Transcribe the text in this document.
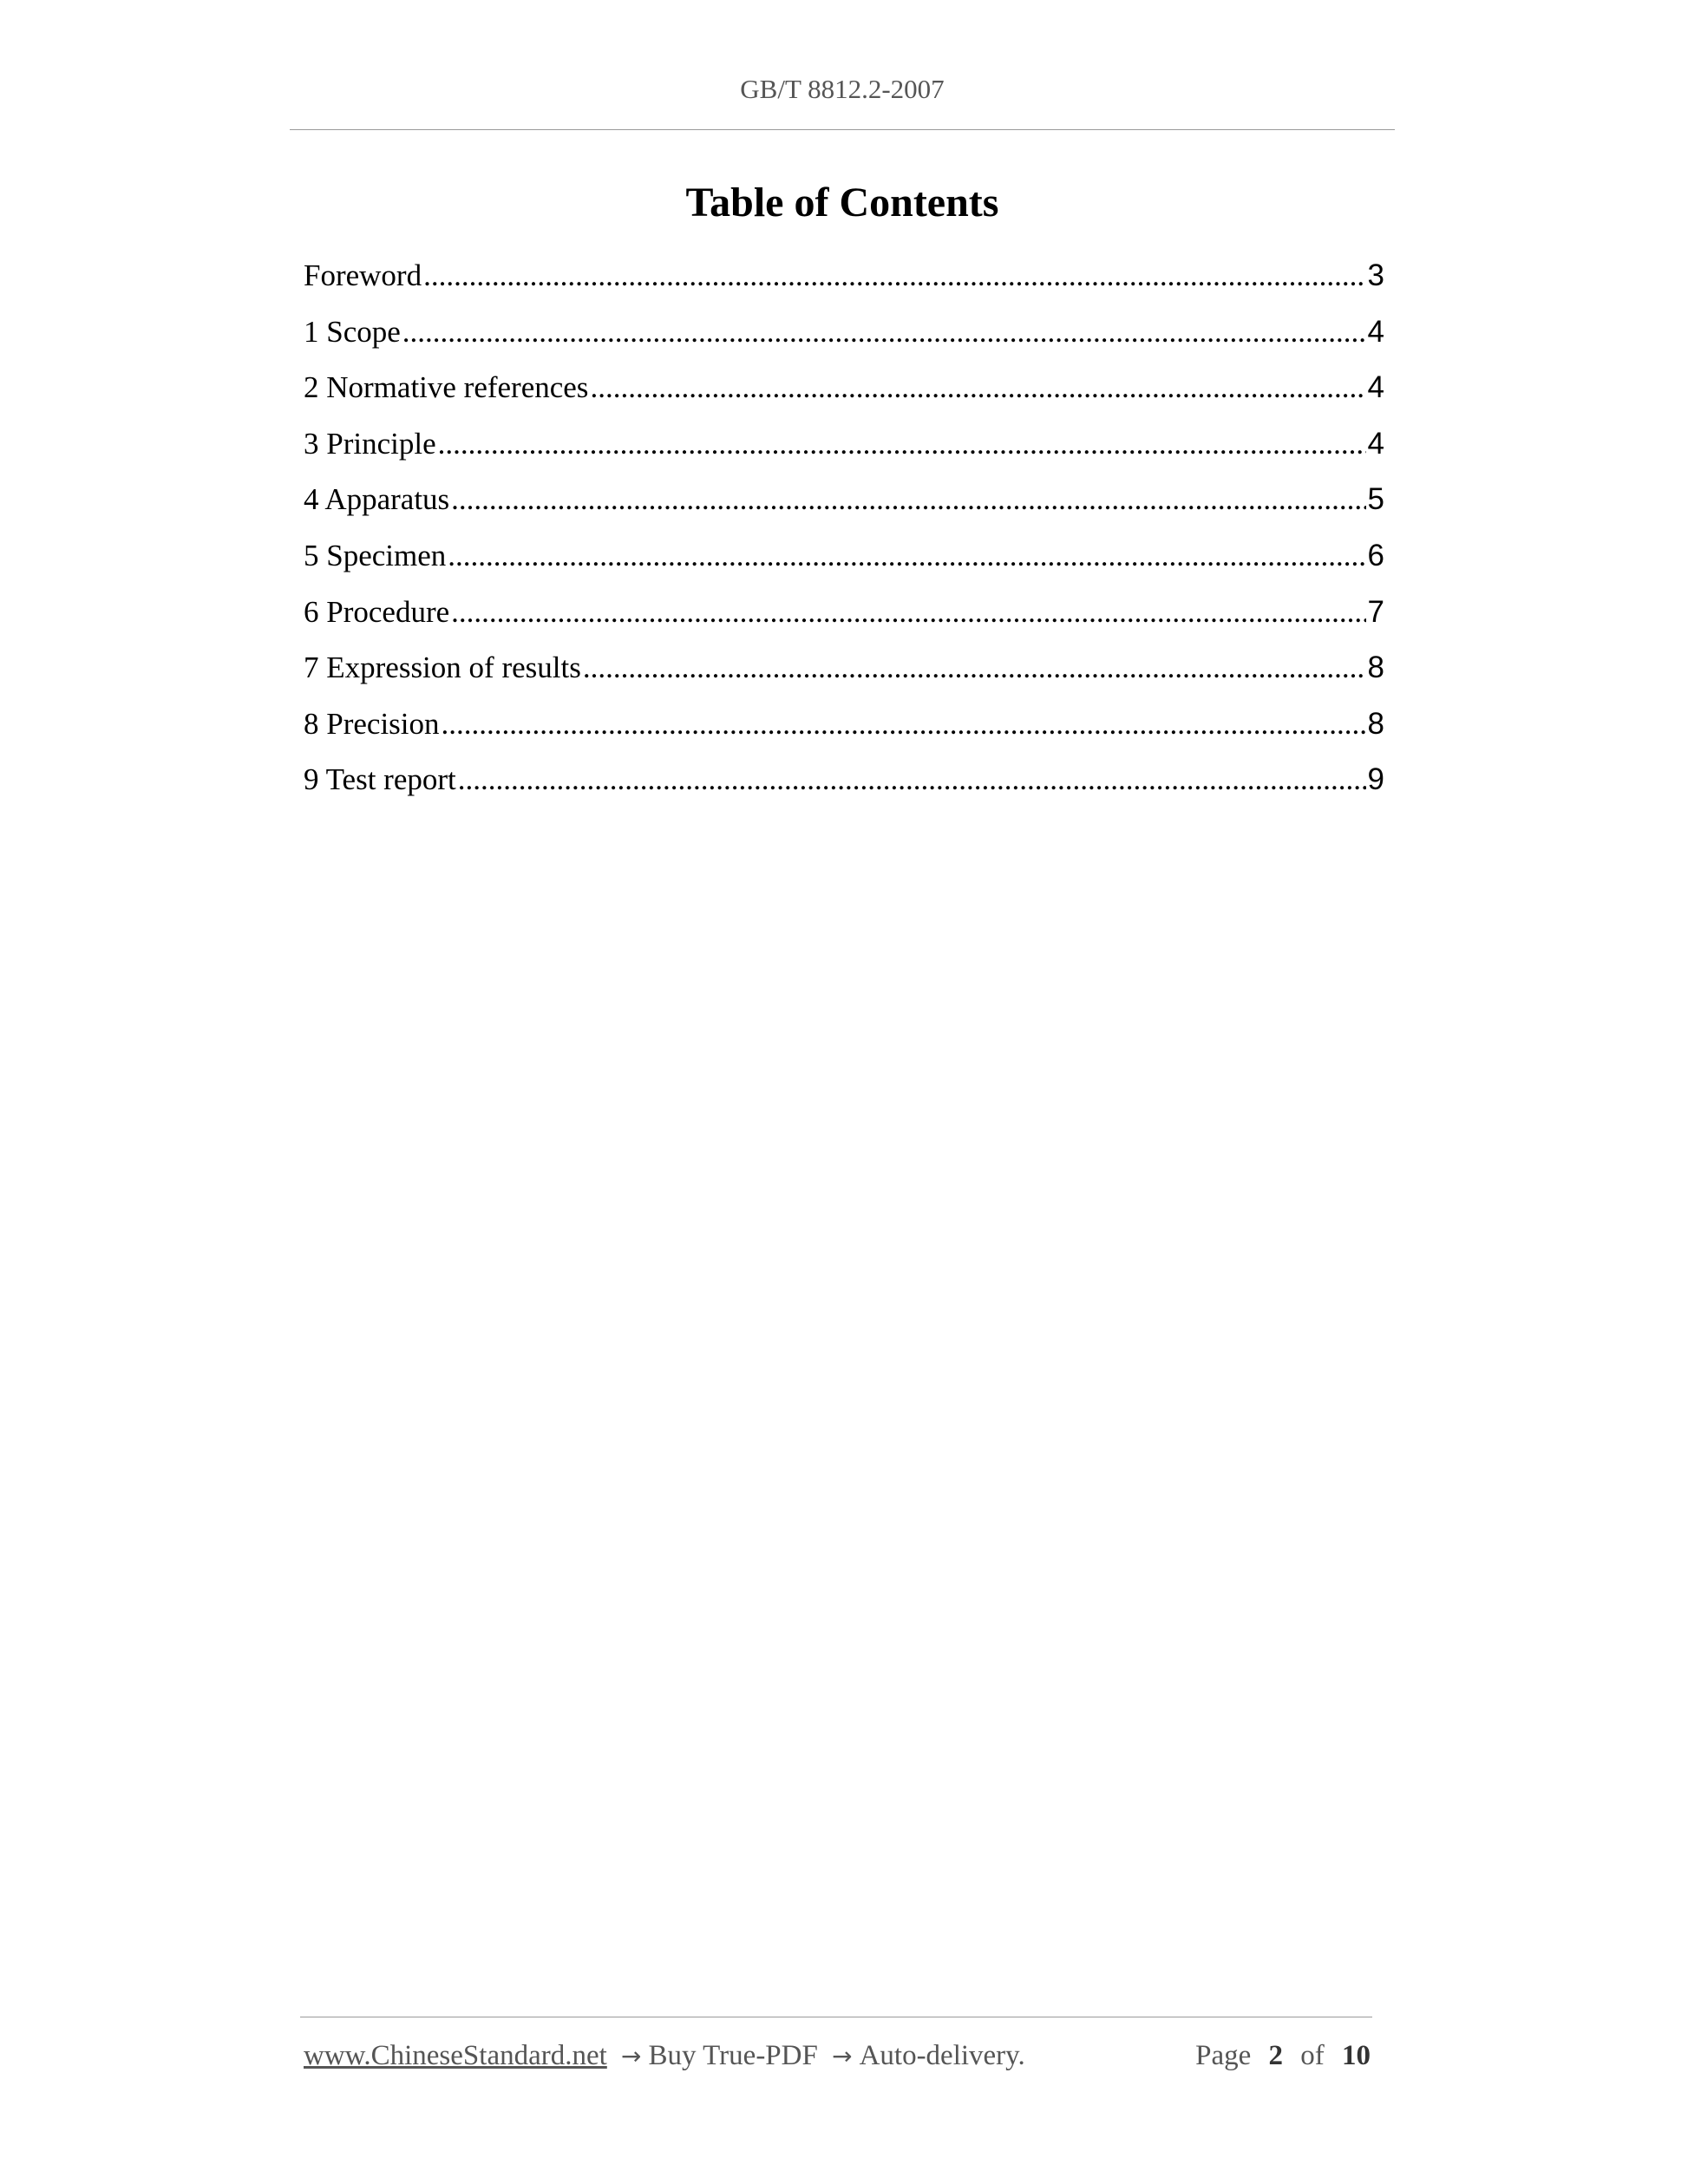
GB/T 8812.2-2007
Table of Contents
Foreword .....	3
1 Scope .....	4
2 Normative references .....	4
3 Principle .....	4
4 Apparatus .....	5
5 Specimen .....	6
6 Procedure .....	7
7 Expression of results .....	8
8 Precision .....	8
9 Test report .....	9
www.ChineseStandard.net → Buy True-PDF → Auto-delivery.	Page 2 of 10
